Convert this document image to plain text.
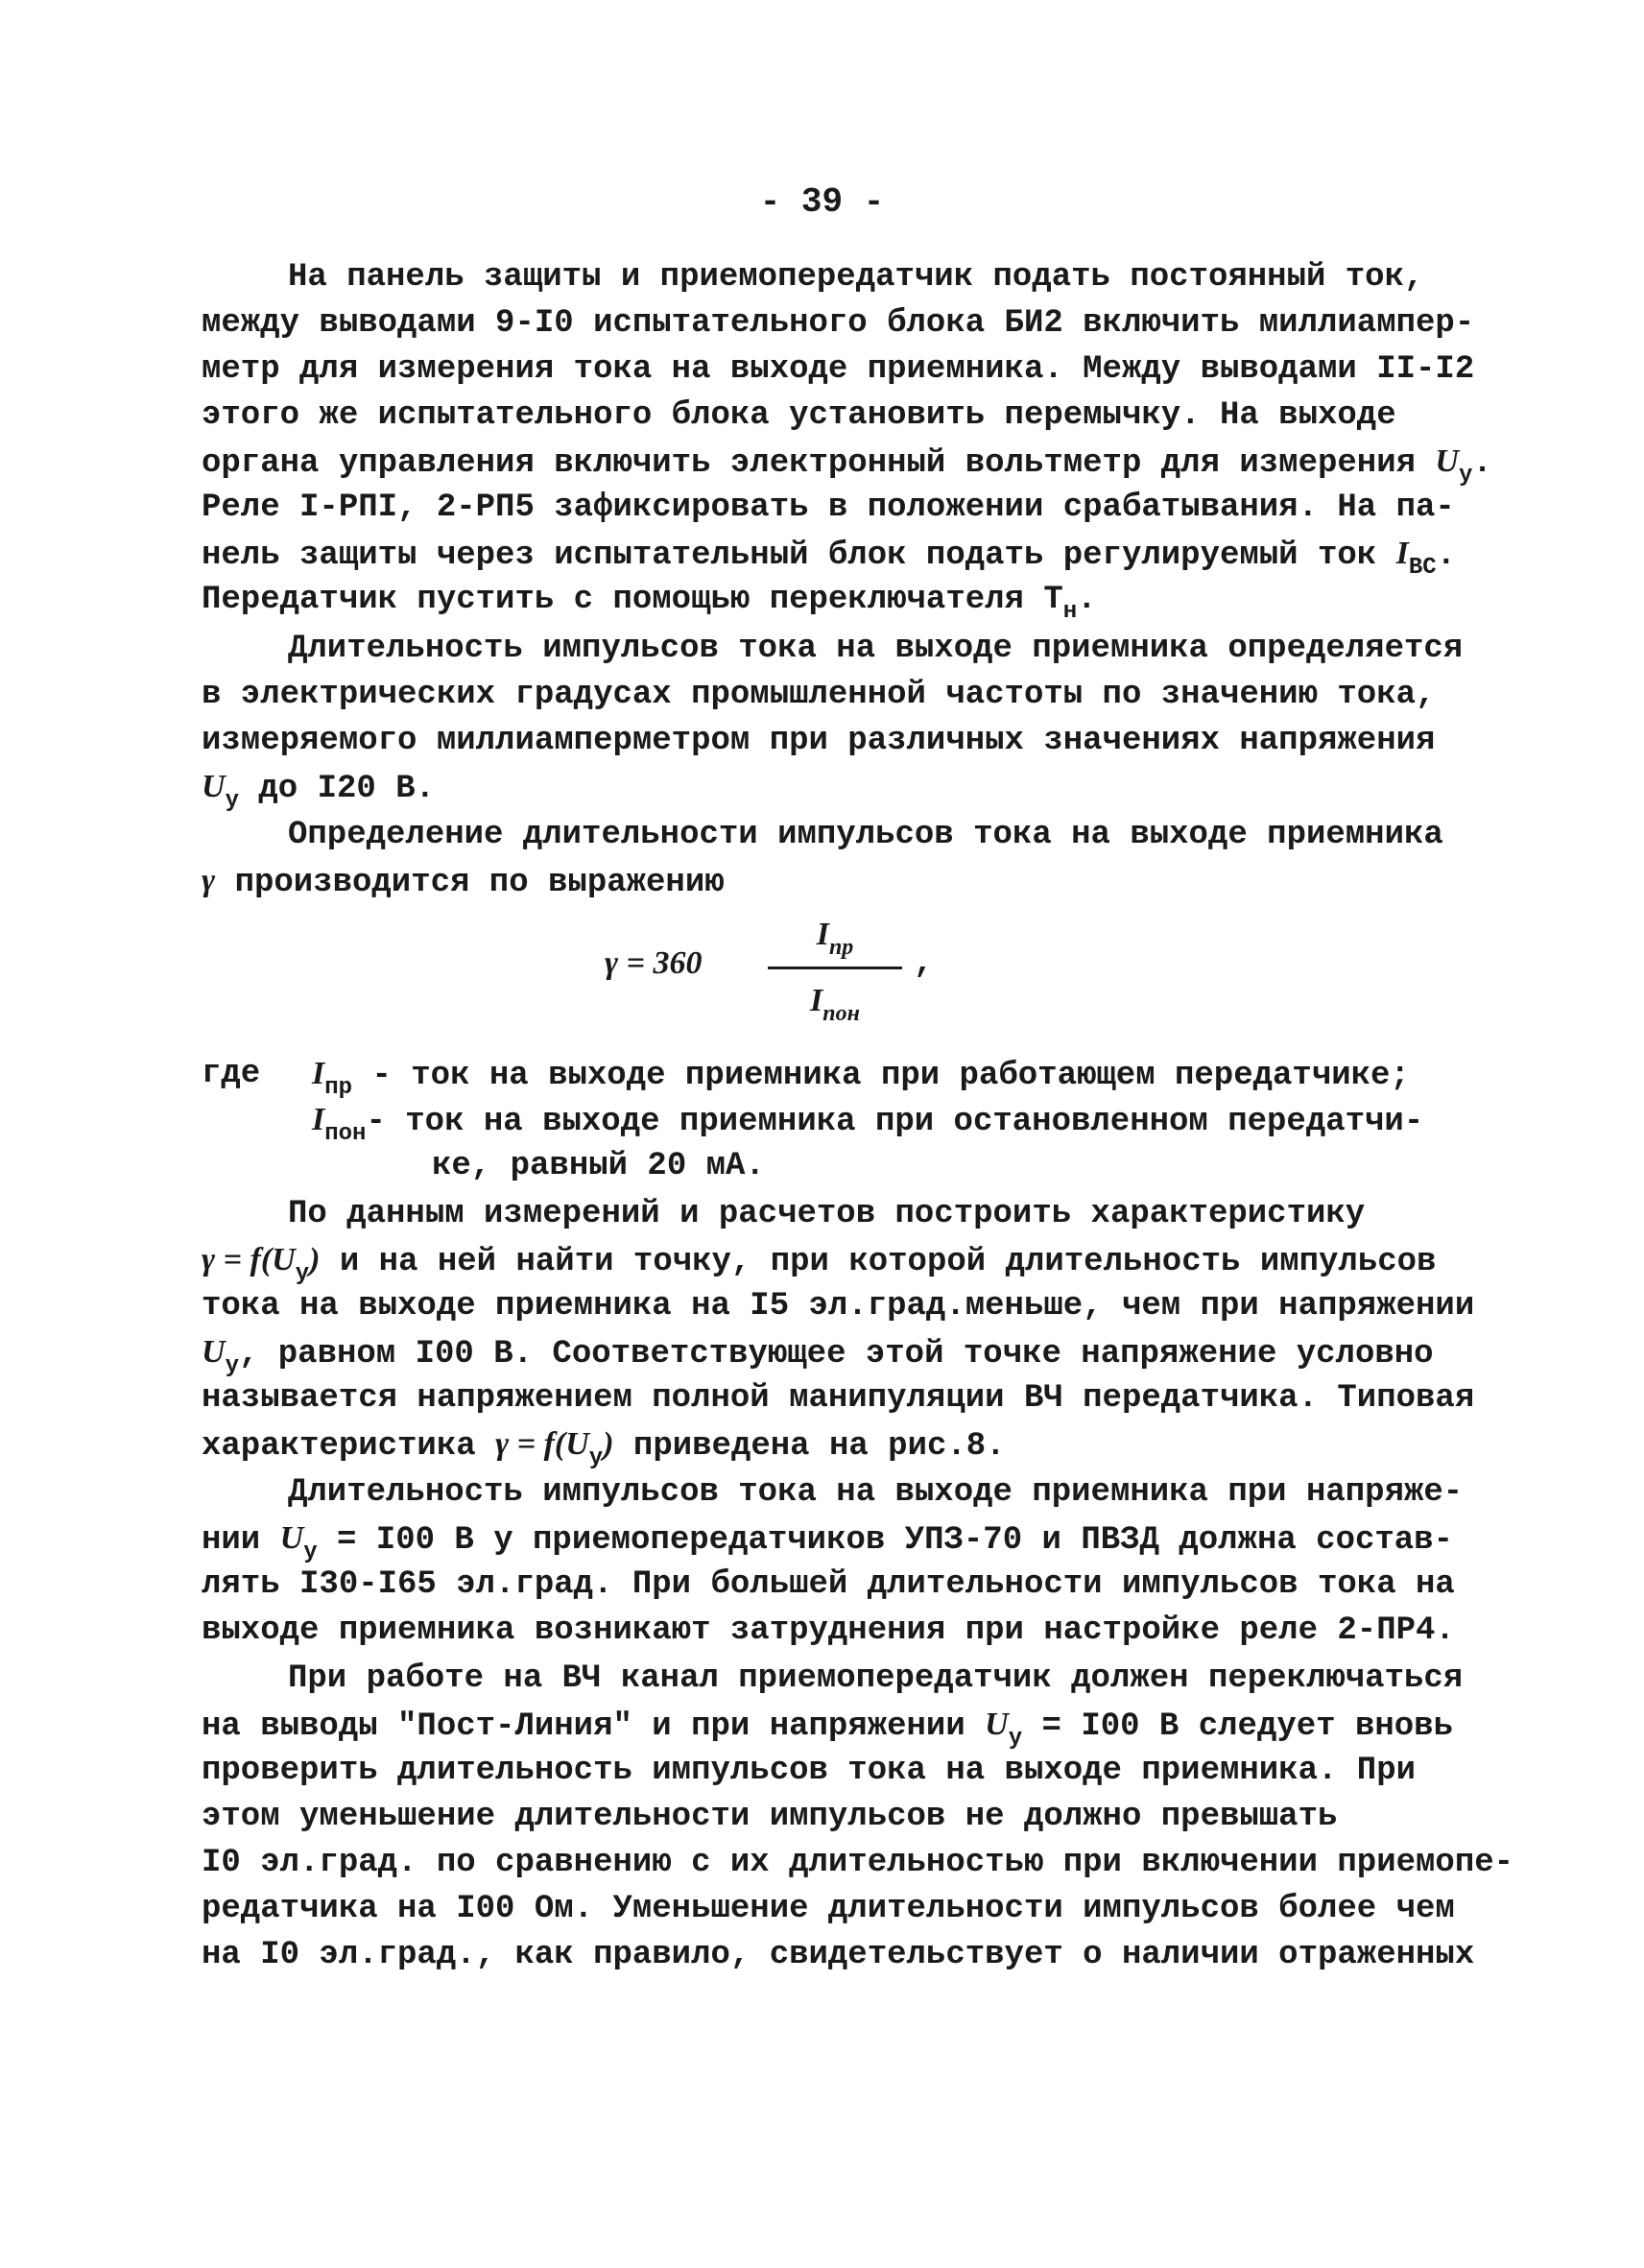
- 39 -
На панель защиты и приемопередатчик подать постоянный ток,
между выводами 9-I0 испытательного блока БИ2 включить миллиампер-
метр для измерения тока на выходе приемника. Между выводами II-I2
этого же испытательного блока установить перемычку. На выходе
органа управления включить электронный вольтметр для измерения $U_у$.
Реле I-РПI, 2-РП5 зафиксировать в положении срабатывания. На па-
нель защиты через испытательный блок подать регулируемый ток $I_{ВС}$.
Передатчик пустить с помощью переключателя $Т_н$.
Длительность импульсов тока на выходе приемника определяется
в электрических градусах промышленной частоты по значению тока,
измеряемого миллиамперметром при различных значениях напряжения
$U_у$ до I20 В.
Определение длительности импульсов тока на выходе приемника
γ производится по выражению
γ = 360
$I_{пр}$
$I_{пон}$
,
где $I_{пр}$ - ток на выходе приемника при работающем передатчике;
$I_{пон}-$ ток на выходе приемника при остановленном передатчи-
ке, равный 20 мА.
По данным измерений и расчетов построить характеристику
$\gamma = f(U_у)$ и на ней найти точку, при которой длительность импульсов
тока на выходе приемника на I5 эл.град.меньше, чем при напряжении
$U_у$, равном I00 В. Соответствующее этой точке напряжение условно
называется напряжением полной манипуляции ВЧ передатчика. Типовая
характеристика $\gamma = f(U_у)$ приведена на рис.8.
Длительность импульсов тока на выходе приемника при напряже-
нии $U_у = I00$ В у приемопередатчиков УПЗ-70 и ПВЗД должна состав-
лять I30-I65 эл.град. При большей длительности импульсов тока на
выходе приемника возникают затруднения при настройке реле 2-ПР4.
При работе на ВЧ канал приемопередатчик должен переключаться
на выводы "Пост-Линия" и при напряжении $U_у = I00$ В следует вновь
проверить длительность импульсов тока на выходе приемника. При
этом уменьшение длительности импульсов не должно превышать
I0 эл.град. по сравнению с их длительностью при включении приемопе-
редатчика на I00 Ом. Уменьшение длительности импульсов более чем
на I0 эл.град., как правило, свидетельствует о наличии отраженных
